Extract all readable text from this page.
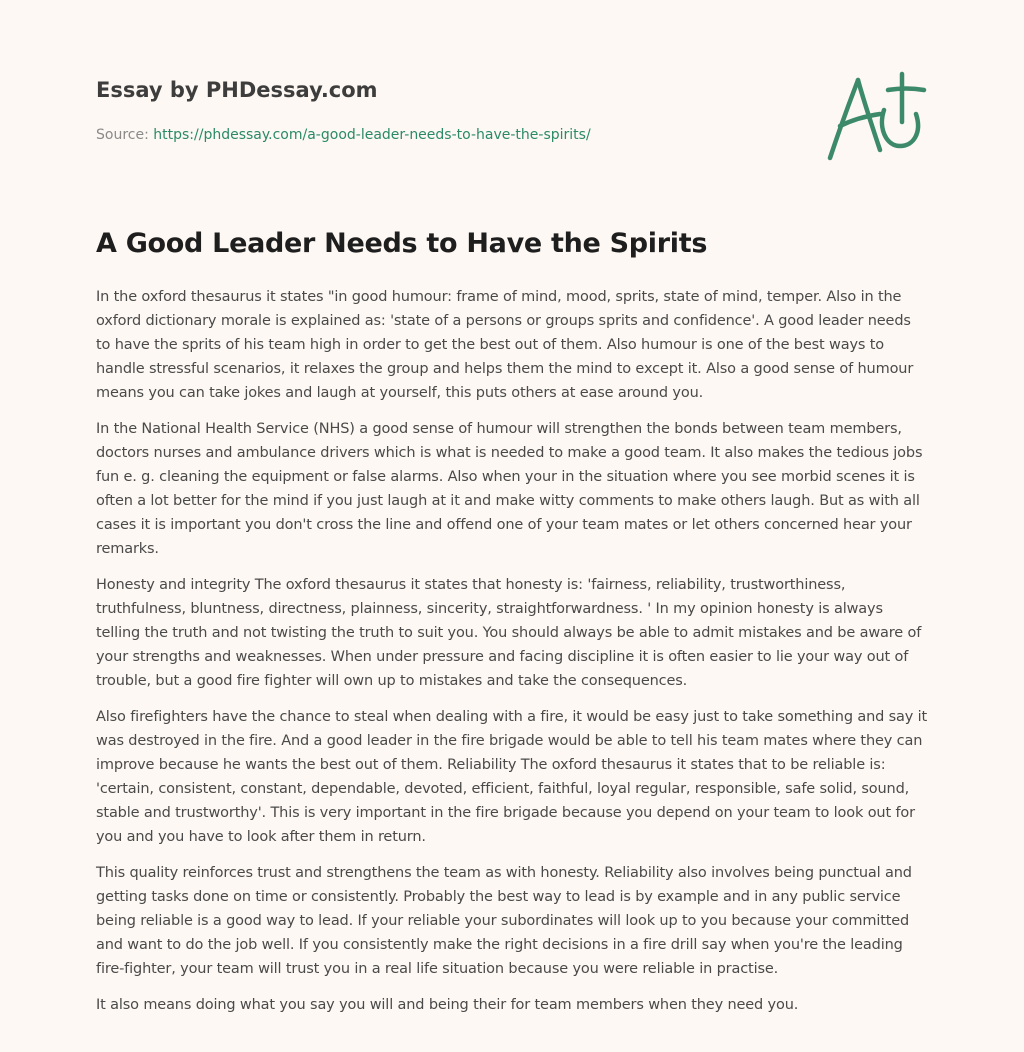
Essay by PHDessay.com
Source: https://phdessay.com/a-good-leader-needs-to-have-the-spirits/
A Good Leader Needs to Have the Spirits

In the oxford thesaurus it states "in good humour: frame of mind, mood, sprits, state of mind, temper. Also in the oxford dictionary morale is explained as: 'state of a persons or groups sprits and confidence'. A good leader needs to have the sprits of his team high in order to get the best out of them. Also humour is one of the best ways to handle stressful scenarios, it relaxes the group and helps them the mind to except it. Also a good sense of humour means you can take jokes and laugh at yourself, this puts others at ease around you.

In the National Health Service (NHS) a good sense of humour will strengthen the bonds between team members, doctors nurses and ambulance drivers which is what is needed to make a good team. It also makes the tedious jobs fun e. g. cleaning the equipment or false alarms. Also when your in the situation where you see morbid scenes it is often a lot better for the mind if you just laugh at it and make witty comments to make others laugh. But as with all cases it is important you don't cross the line and offend one of your team mates or let others concerned hear your remarks.

Honesty and integrity The oxford thesaurus it states that honesty is: 'fairness, reliability, trustworthiness, truthfulness, bluntness, directness, plainness, sincerity, straightforwardness. ' In my opinion honesty is always telling the truth and not twisting the truth to suit you. You should always be able to admit mistakes and be aware of your strengths and weaknesses. When under pressure and facing discipline it is often easier to lie your way out of trouble, but a good fire fighter will own up to mistakes and take the consequences.

Also firefighters have the chance to steal when dealing with a fire, it would be easy just to take something and say it was destroyed in the fire. And a good leader in the fire brigade would be able to tell his team mates where they can improve because he wants the best out of them. Reliability The oxford thesaurus it states that to be reliable is: 'certain, consistent, constant, dependable, devoted, efficient, faithful, loyal regular, responsible, safe solid, sound, stable and trustworthy'. This is very important in the fire brigade because you depend on your team to look out for you and you have to look after them in return.

This quality reinforces trust and strengthens the team as with honesty. Reliability also involves being punctual and getting tasks done on time or consistently. Probably the best way to lead is by example and in any public service being reliable is a good way to lead. If your reliable your subordinates will look up to you because your committed and want to do the job well. If you consistently make the right decisions in a fire drill say when you're the leading fire-fighter, your team will trust you in a real life situation because you were reliable in practise.

It also means doing what you say you will and being their for team members when they need you.
